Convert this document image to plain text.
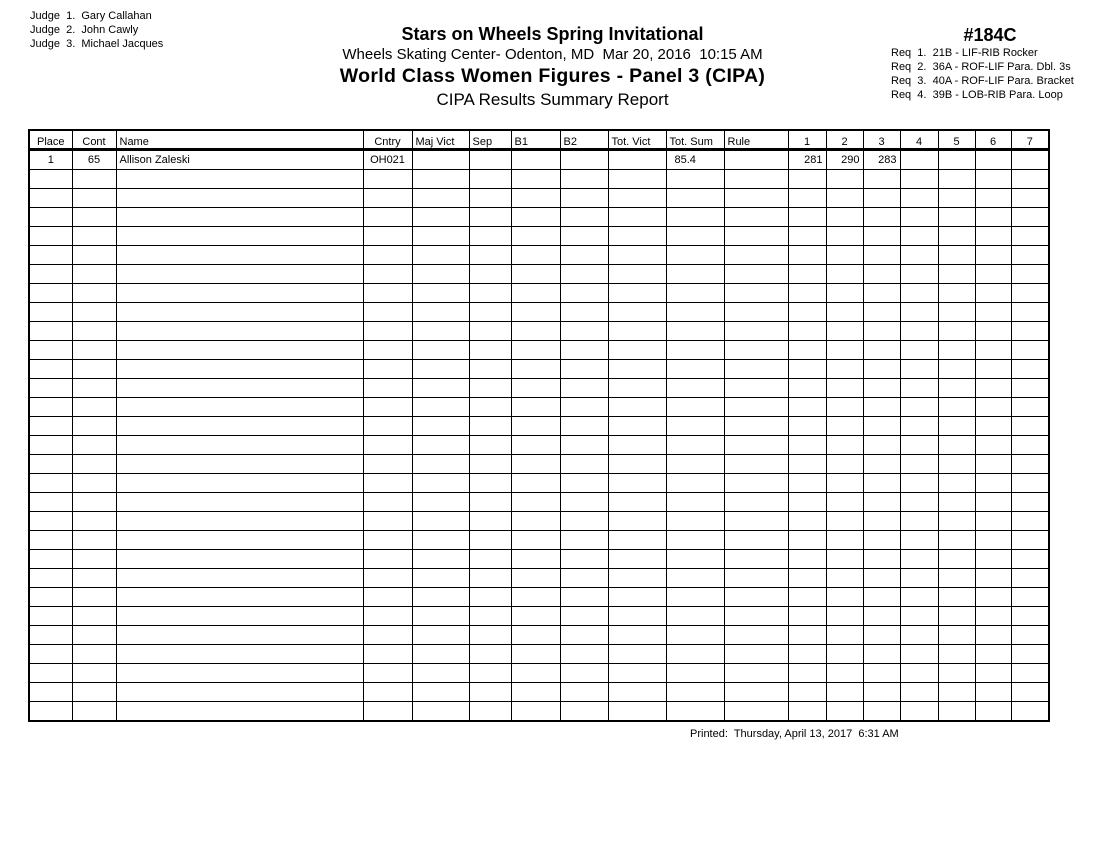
Judge  1.  Gary Callahan
Judge  2.  John Cawly
Judge  3.  Michael Jacques	Stars on Wheels Spring Invitational
Wheels Skating Center- Odenton, MD  Mar 20, 2016  10:15 AM
World Class Women Figures - Panel 3 (CIPA)
CIPA Results Summary Report
#184C
Req  1.  21B - LIF-RIB Rocker
Req  2.  36A - ROF-LIF Para. Dbl. 3s
Req  3.  40A - ROF-LIF Para. Bracket
Req  4.  39B - LOB-RIB Para. Loop
Place	Cont	Name	Cntry	Maj Vict	Sep	B1	B2	Tot. Vict	Tot. Sum	Rule	1	2	3	4	5	6	7
1	65	Allison Zaleski	OH021						85.4		281	290	283				

Printed:  Thursday, April 13, 2017  6:31 AM
